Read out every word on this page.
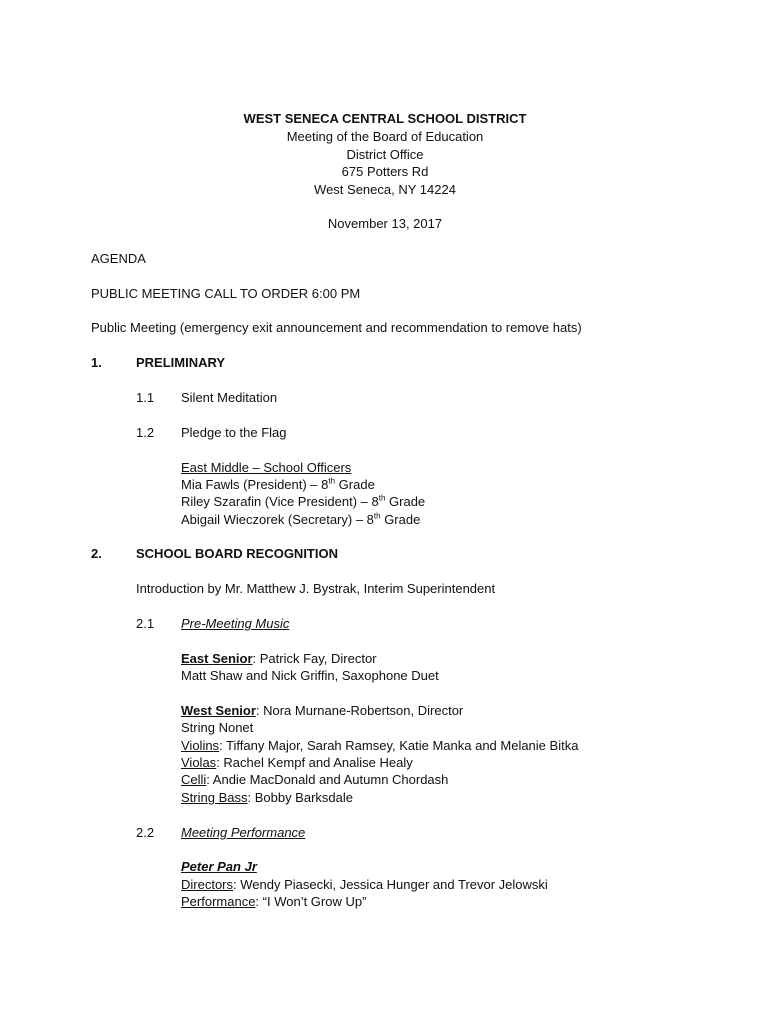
WEST SENECA CENTRAL SCHOOL DISTRICT
Meeting of the Board of Education
District Office
675 Potters Rd
West Seneca, NY 14224
November 13, 2017
AGENDA
PUBLIC MEETING CALL TO ORDER 6:00 PM
Public Meeting (emergency exit announcement and recommendation to remove hats)
1.	PRELIMINARY
1.1 Silent Meditation
1.2 Pledge to the Flag
East Middle – School Officers
Mia Fawls (President) – 8th Grade
Riley Szarafin (Vice President) – 8th Grade
Abigail Wieczorek (Secretary) – 8th Grade
2.	SCHOOL BOARD RECOGNITION
Introduction by Mr. Matthew J. Bystrak, Interim Superintendent
2.1 Pre-Meeting Music
East Senior: Patrick Fay, Director
Matt Shaw and Nick Griffin, Saxophone Duet
West Senior: Nora Murnane-Robertson, Director
String Nonet
Violins: Tiffany Major, Sarah Ramsey, Katie Manka and Melanie Bitka
Violas: Rachel Kempf and Analise Healy
Celli: Andie MacDonald and Autumn Chordash
String Bass: Bobby Barksdale
2.2 Meeting Performance
Peter Pan Jr
Directors: Wendy Piasecki, Jessica Hunger and Trevor Jelowski
Performance: “I Won’t Grow Up”
